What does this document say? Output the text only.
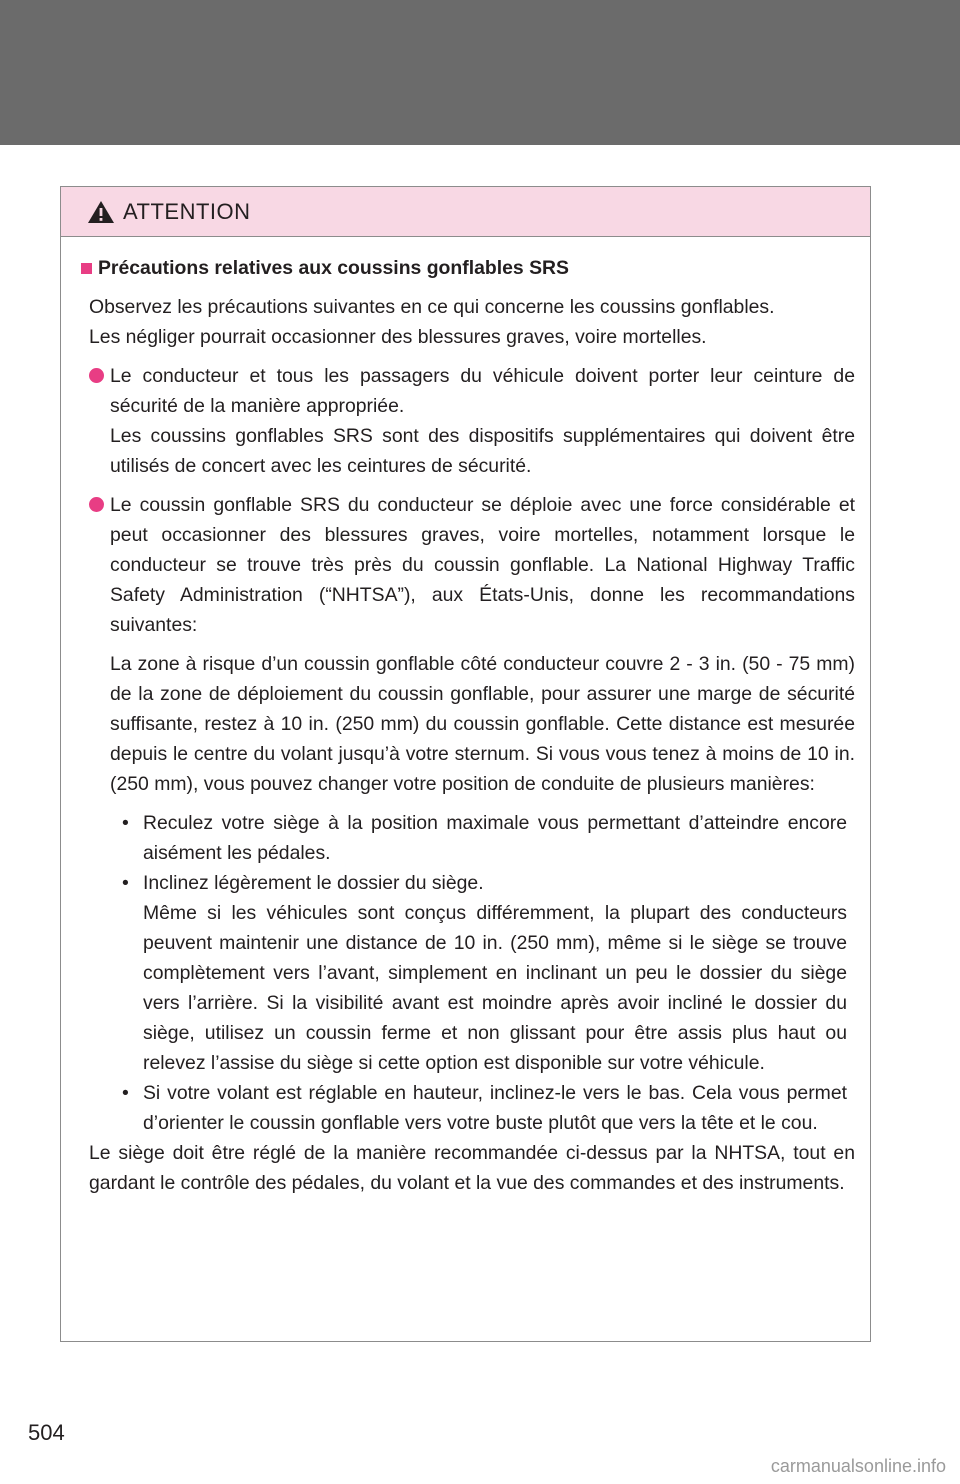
ATTENTION
Précautions relatives aux coussins gonflables SRS

Observez les précautions suivantes en ce qui concerne les coussins gonflables.

Les négliger pourrait occasionner des blessures graves, voire mortelles.

Le conducteur et tous les passagers du véhicule doivent porter leur ceinture de sécurité de la manière appropriée.

Les coussins gonflables SRS sont des dispositifs supplémentaires qui doivent être utilisés de concert avec les ceintures de sécurité.

Le coussin gonflable SRS du conducteur se déploie avec une force considérable et peut occasionner des blessures graves, voire mortelles, notamment lorsque le conducteur se trouve très près du coussin gonflable. La National Highway Traffic Safety Administration (“NHTSA”), aux États-Unis, donne les recommandations suivantes:

La zone à risque d’un coussin gonflable côté conducteur couvre 2 - 3 in. (50 - 75 mm) de la zone de déploiement du coussin gonflable, pour assurer une marge de sécurité suffisante, restez à 10 in. (250 mm) du coussin gonflable. Cette distance est mesurée depuis le centre du volant jusqu’à votre sternum. Si vous vous tenez à moins de 10 in. (250 mm), vous pouvez changer votre position de conduite de plusieurs manières:

• Reculez votre siège à la position maximale vous permettant d’atteindre encore aisément les pédales.

• Inclinez légèrement le dossier du siège.

Même si les véhicules sont conçus différemment, la plupart des conducteurs peuvent maintenir une distance de 10 in. (250 mm), même si le siège se trouve complètement vers l’avant, simplement en inclinant un peu le dossier du siège vers l’arrière. Si la visibilité avant est moindre après avoir incliné le dossier du siège, utilisez un coussin ferme et non glissant pour être assis plus haut ou relevez l’assise du siège si cette option est disponible sur votre véhicule.

• Si votre volant est réglable en hauteur, inclinez-le vers le bas. Cela vous permet d’orienter le coussin gonflable vers votre buste plutôt que vers la tête et le cou.

Le siège doit être réglé de la manière recommandée ci-dessus par la NHTSA, tout en gardant le contrôle des pédales, du volant et la vue des commandes et des instruments.

504
carmanualsonline.info
